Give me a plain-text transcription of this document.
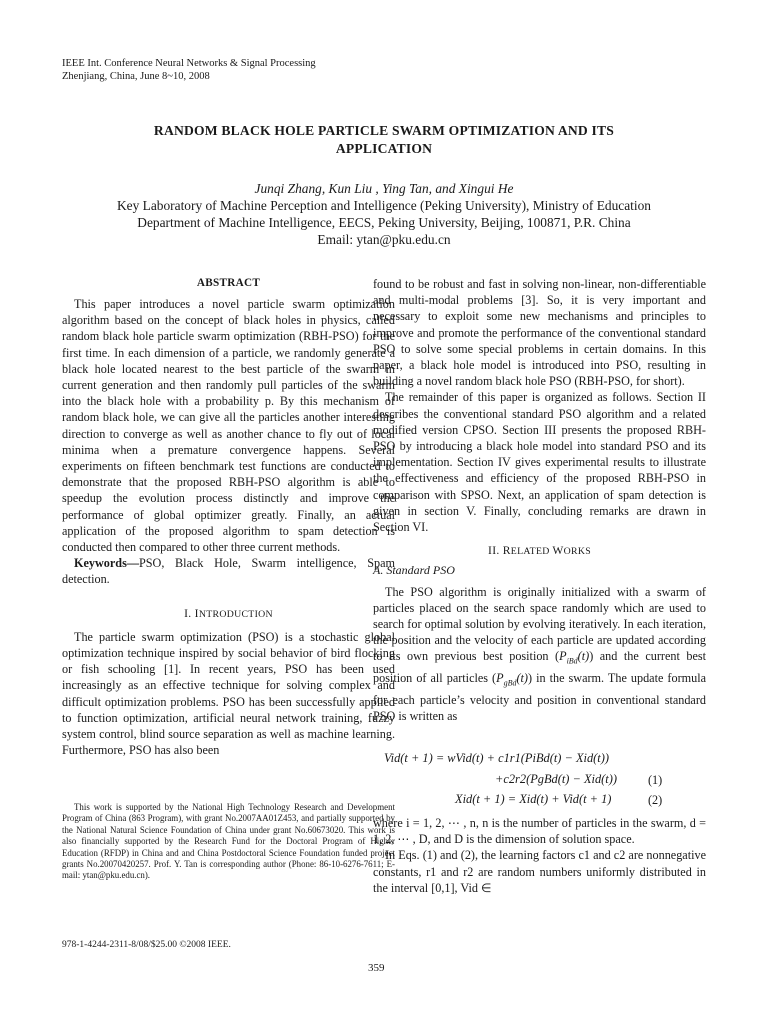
IEEE Int. Conference Neural Networks & Signal Processing
Zhenjiang, China, June 8~10, 2008
RANDOM BLACK HOLE PARTICLE SWARM OPTIMIZATION AND ITS
APPLICATION
Junqi Zhang, Kun Liu , Ying Tan, and Xingui He
Key Laboratory of Machine Perception and Intelligence (Peking University), Ministry of Education
Department of Machine Intelligence, EECS, Peking University, Beijing, 100871, P.R. China
Email: ytan@pku.edu.cn
ABSTRACT

This paper introduces a novel particle swarm optimization algorithm based on the concept of black holes in physics, called random black hole particle swarm optimization (RBH-PSO) for the first time. In each dimension of a particle, we randomly generate a black hole located nearest to the best particle of the swarm in current generation and then randomly pull particles of the swarm into the black hole with a probability p. By this mechanism of random black hole, we can give all the particles another interesting direction to converge as well as another chance to fly out of local minima when a premature convergence happens. Several experiments on fifteen benchmark test functions are conducted to demonstrate that the proposed RBH-PSO algorithm is able to speedup the evolution process distinctly and improve the performance of global optimizer greatly. Finally, an actual application of the proposed algorithm to spam detection is conducted then compared to other three current methods.

Keywords—PSO, Black Hole, Swarm intelligence, Spam detection.

I. INTRODUCTION

The particle swarm optimization (PSO) is a stochastic global optimization technique inspired by social behavior of bird flocking or fish schooling [1]. In recent years, PSO has been used increasingly as an effective technique for solving complex and difficult optimization problems. PSO has been successfully applied to function optimization, artificial neural network training, fuzzy system control, blind source separation as well as machine learning. Furthermore, PSO has also been

This work is supported by the National High Technology Research and Development Program of China (863 Program), with grant No.2007AA01Z453, and partially supported by the National Natural Science Foundation of China under grant No.60673020. This work is also financially supported by the Research Fund for the Doctoral Program of Higher Education (RFDP) in China and and China Postdoctoral Science Foundation funded project grants No.20070420257. Prof. Y. Tan is corresponding author (Phone: 86-10-6276-7611; E-mail: ytan@pku.edu.cn).
978-1-4244-2311-8/08/$25.00 ©2008 IEEE.
359

found to be robust and fast in solving non-linear, non-differentiable and multi-modal problems [3]. So, it is very important and necessary to exploit some new mechanisms and principles to improve and promote the performance of the conventional standard PSO to solve some special problems in certain domains. In this paper, a black hole model is introduced into PSO, resulting in building a novel random black hole PSO (RBH-PSO, for short).

The remainder of this paper is organized as follows. Section II describes the conventional standard PSO algorithm and a related modified version CPSO. Section III presents the proposed RBH-PSO by introducing a black hole model into standard PSO and its implementation. Section IV gives experimental results to illustrate the effectiveness and efficiency of the proposed RBH-PSO in comparison with SPSO. Next, an application of spam detection is given in section V. Finally, concluding remarks are drawn in Section VI.

II. RELATED WORKS
A. Standard PSO

The PSO algorithm is originally initialized with a swarm of particles placed on the search space randomly which are used to search for optimal solution by evolving iteratively. In each iteration, the position and the velocity of each particle are updated according to its own previous best position $(P_{iBd}(t))$ and the current best position of all particles $(P_{gBd}(t))$ in the swarm. The update formula for each particle’s velocity and position in conventional standard PSO is written as

Vid(t + 1) = wVid(t) + c1r1(PiBd(t) − Xid(t))
+c2r2(PgBd(t) − Xid(t))	(1)
Xid(t + 1) = Xid(t) + Vid(t + 1)	(2)

where i = 1, 2, ⋯ , n, n is the number of particles in the swarm, d = 1, 2, ⋯ , D, and D is the dimension of solution space.

In Eqs. (1) and (2), the learning factors c1 and c2 are nonnegative constants, r1 and r2 are random numbers uniformly distributed in the interval [0,1], Vid ∈
